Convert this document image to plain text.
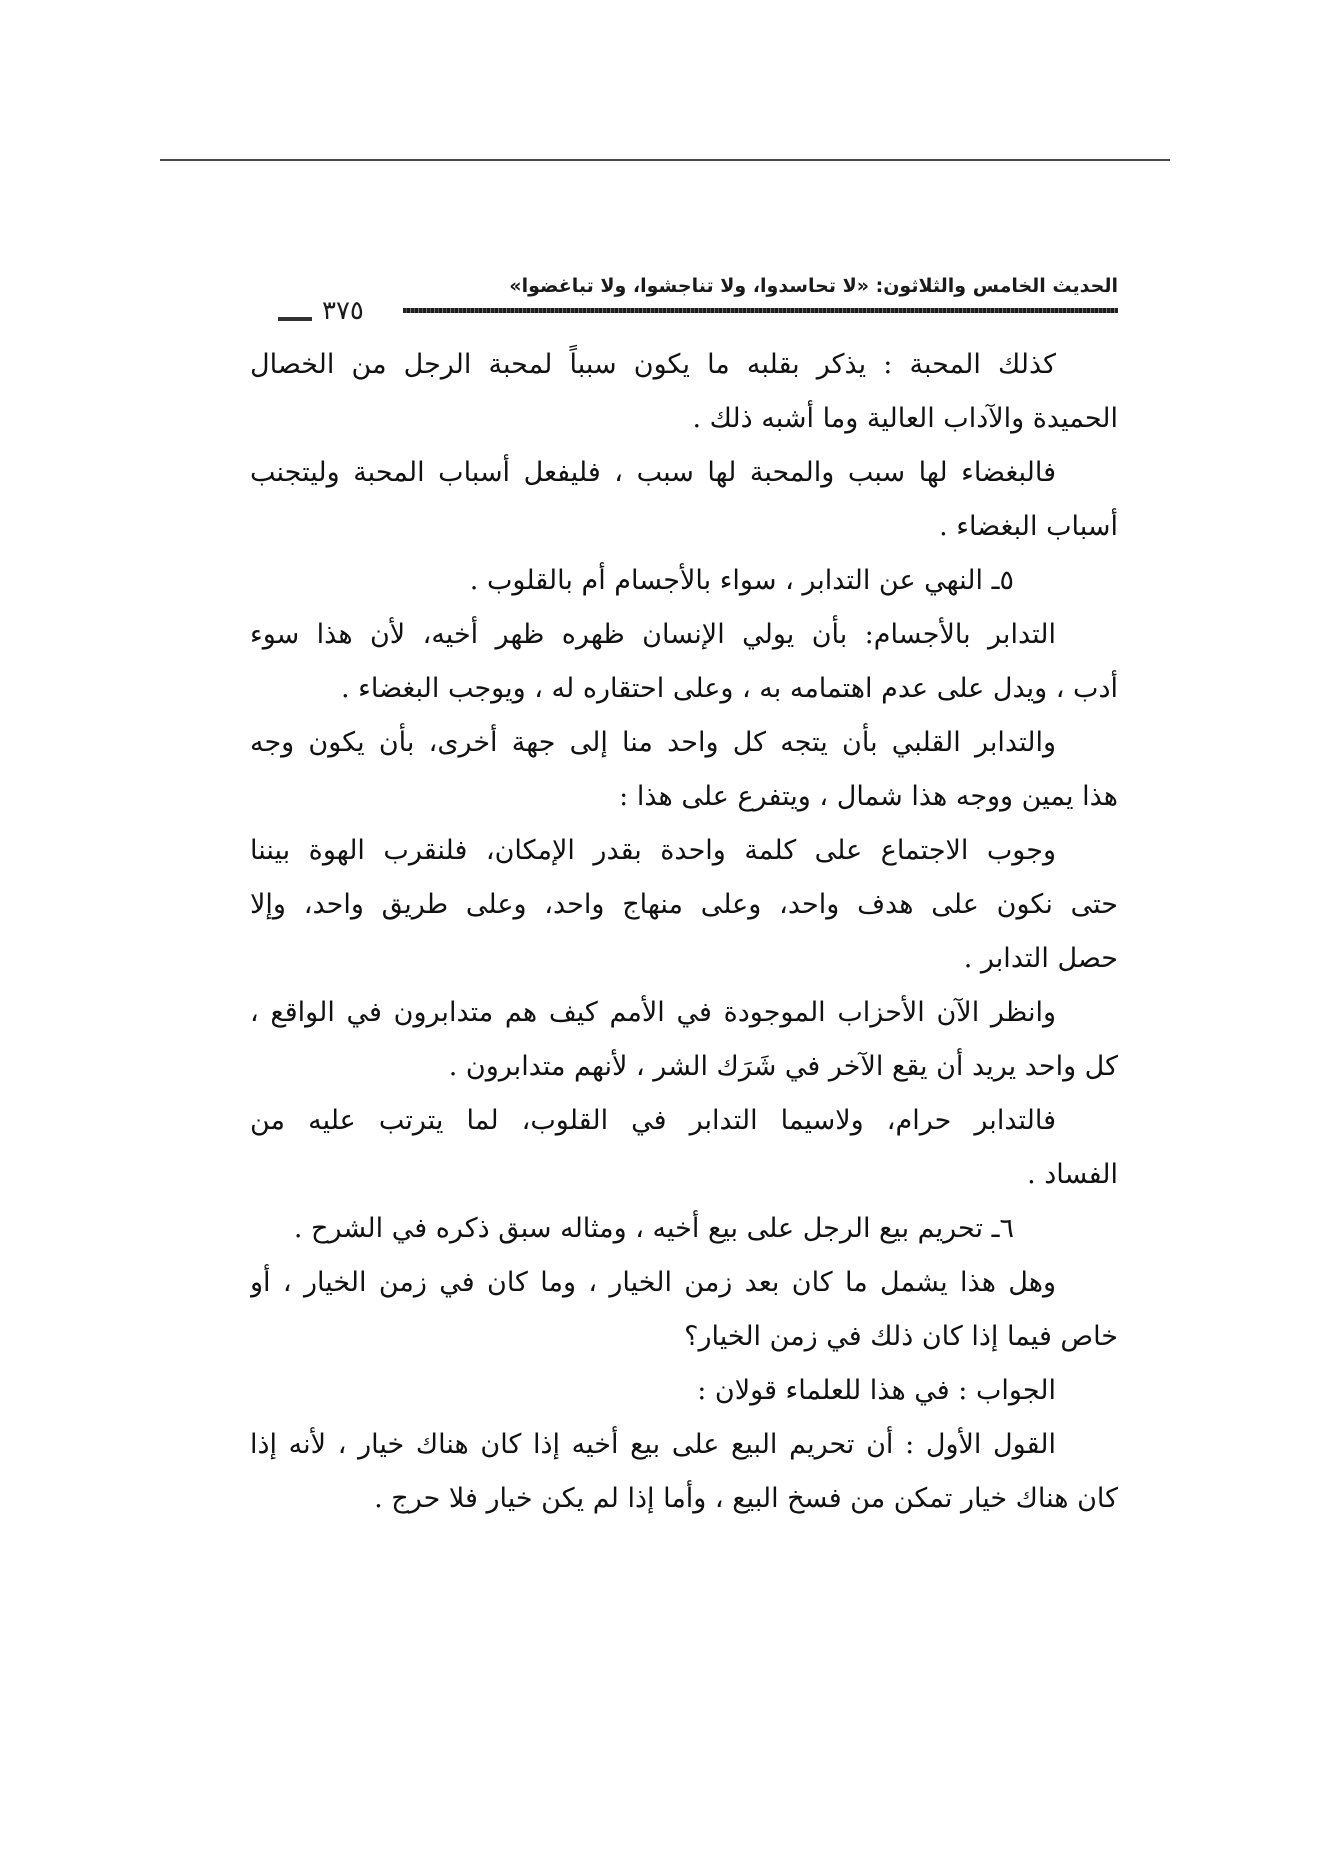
الحديث الخامس والثلاثون: «لا تحاسدوا، ولا تناجشوا، ولا تباغضوا»
٣٧٥
كذلك المحبة : يذكر بقلبه ما يكون سبباً لمحبة الرجل من الخصال
الحميدة والآداب العالية وما أشبه ذلك .
فالبغضاء لها سبب والمحبة لها سبب ، فليفعل أسباب المحبة وليتجنب
أسباب البغضاء .
٥ـ النهي عن التدابر ، سواء بالأجسام أم بالقلوب .
التدابر بالأجسام: بأن يولي الإنسان ظهره ظهر أخيه، لأن هذا سوء
أدب ، ويدل على عدم اهتمامه به ، وعلى احتقاره له ، ويوجب البغضاء .
والتدابر القلبي بأن يتجه كل واحد منا إلى جهة أخرى، بأن يكون وجه
هذا يمين ووجه هذا شمال ، ويتفرع على هذا :
وجوب الاجتماع على كلمة واحدة بقدر الإمكان، فلنقرب الهوة بيننا
حتى نكون على هدف واحد، وعلى منهاج واحد، وعلى طريق واحد، وإلا
حصل التدابر .
وانظر الآن الأحزاب الموجودة في الأمم كيف هم متدابرون في الواقع ،
كل واحد يريد أن يقع الآخر في شَرَك الشر ، لأنهم متدابرون .
فالتدابر حرام، ولاسيما التدابر في القلوب، لما يترتب عليه من
الفساد .
٦ـ تحريم بيع الرجل على بيع أخيه ، ومثاله سبق ذكره في الشرح .
وهل هذا يشمل ما كان بعد زمن الخيار ، وما كان في زمن الخيار ، أو
خاص فيما إذا كان ذلك في زمن الخيار؟
الجواب : في هذا للعلماء قولان :
القول الأول : أن تحريم البيع على بيع أخيه إذا كان هناك خيار ، لأنه إذا
كان هناك خيار تمكن من فسخ البيع ، وأما إذا لم يكن خيار فلا حرج .
